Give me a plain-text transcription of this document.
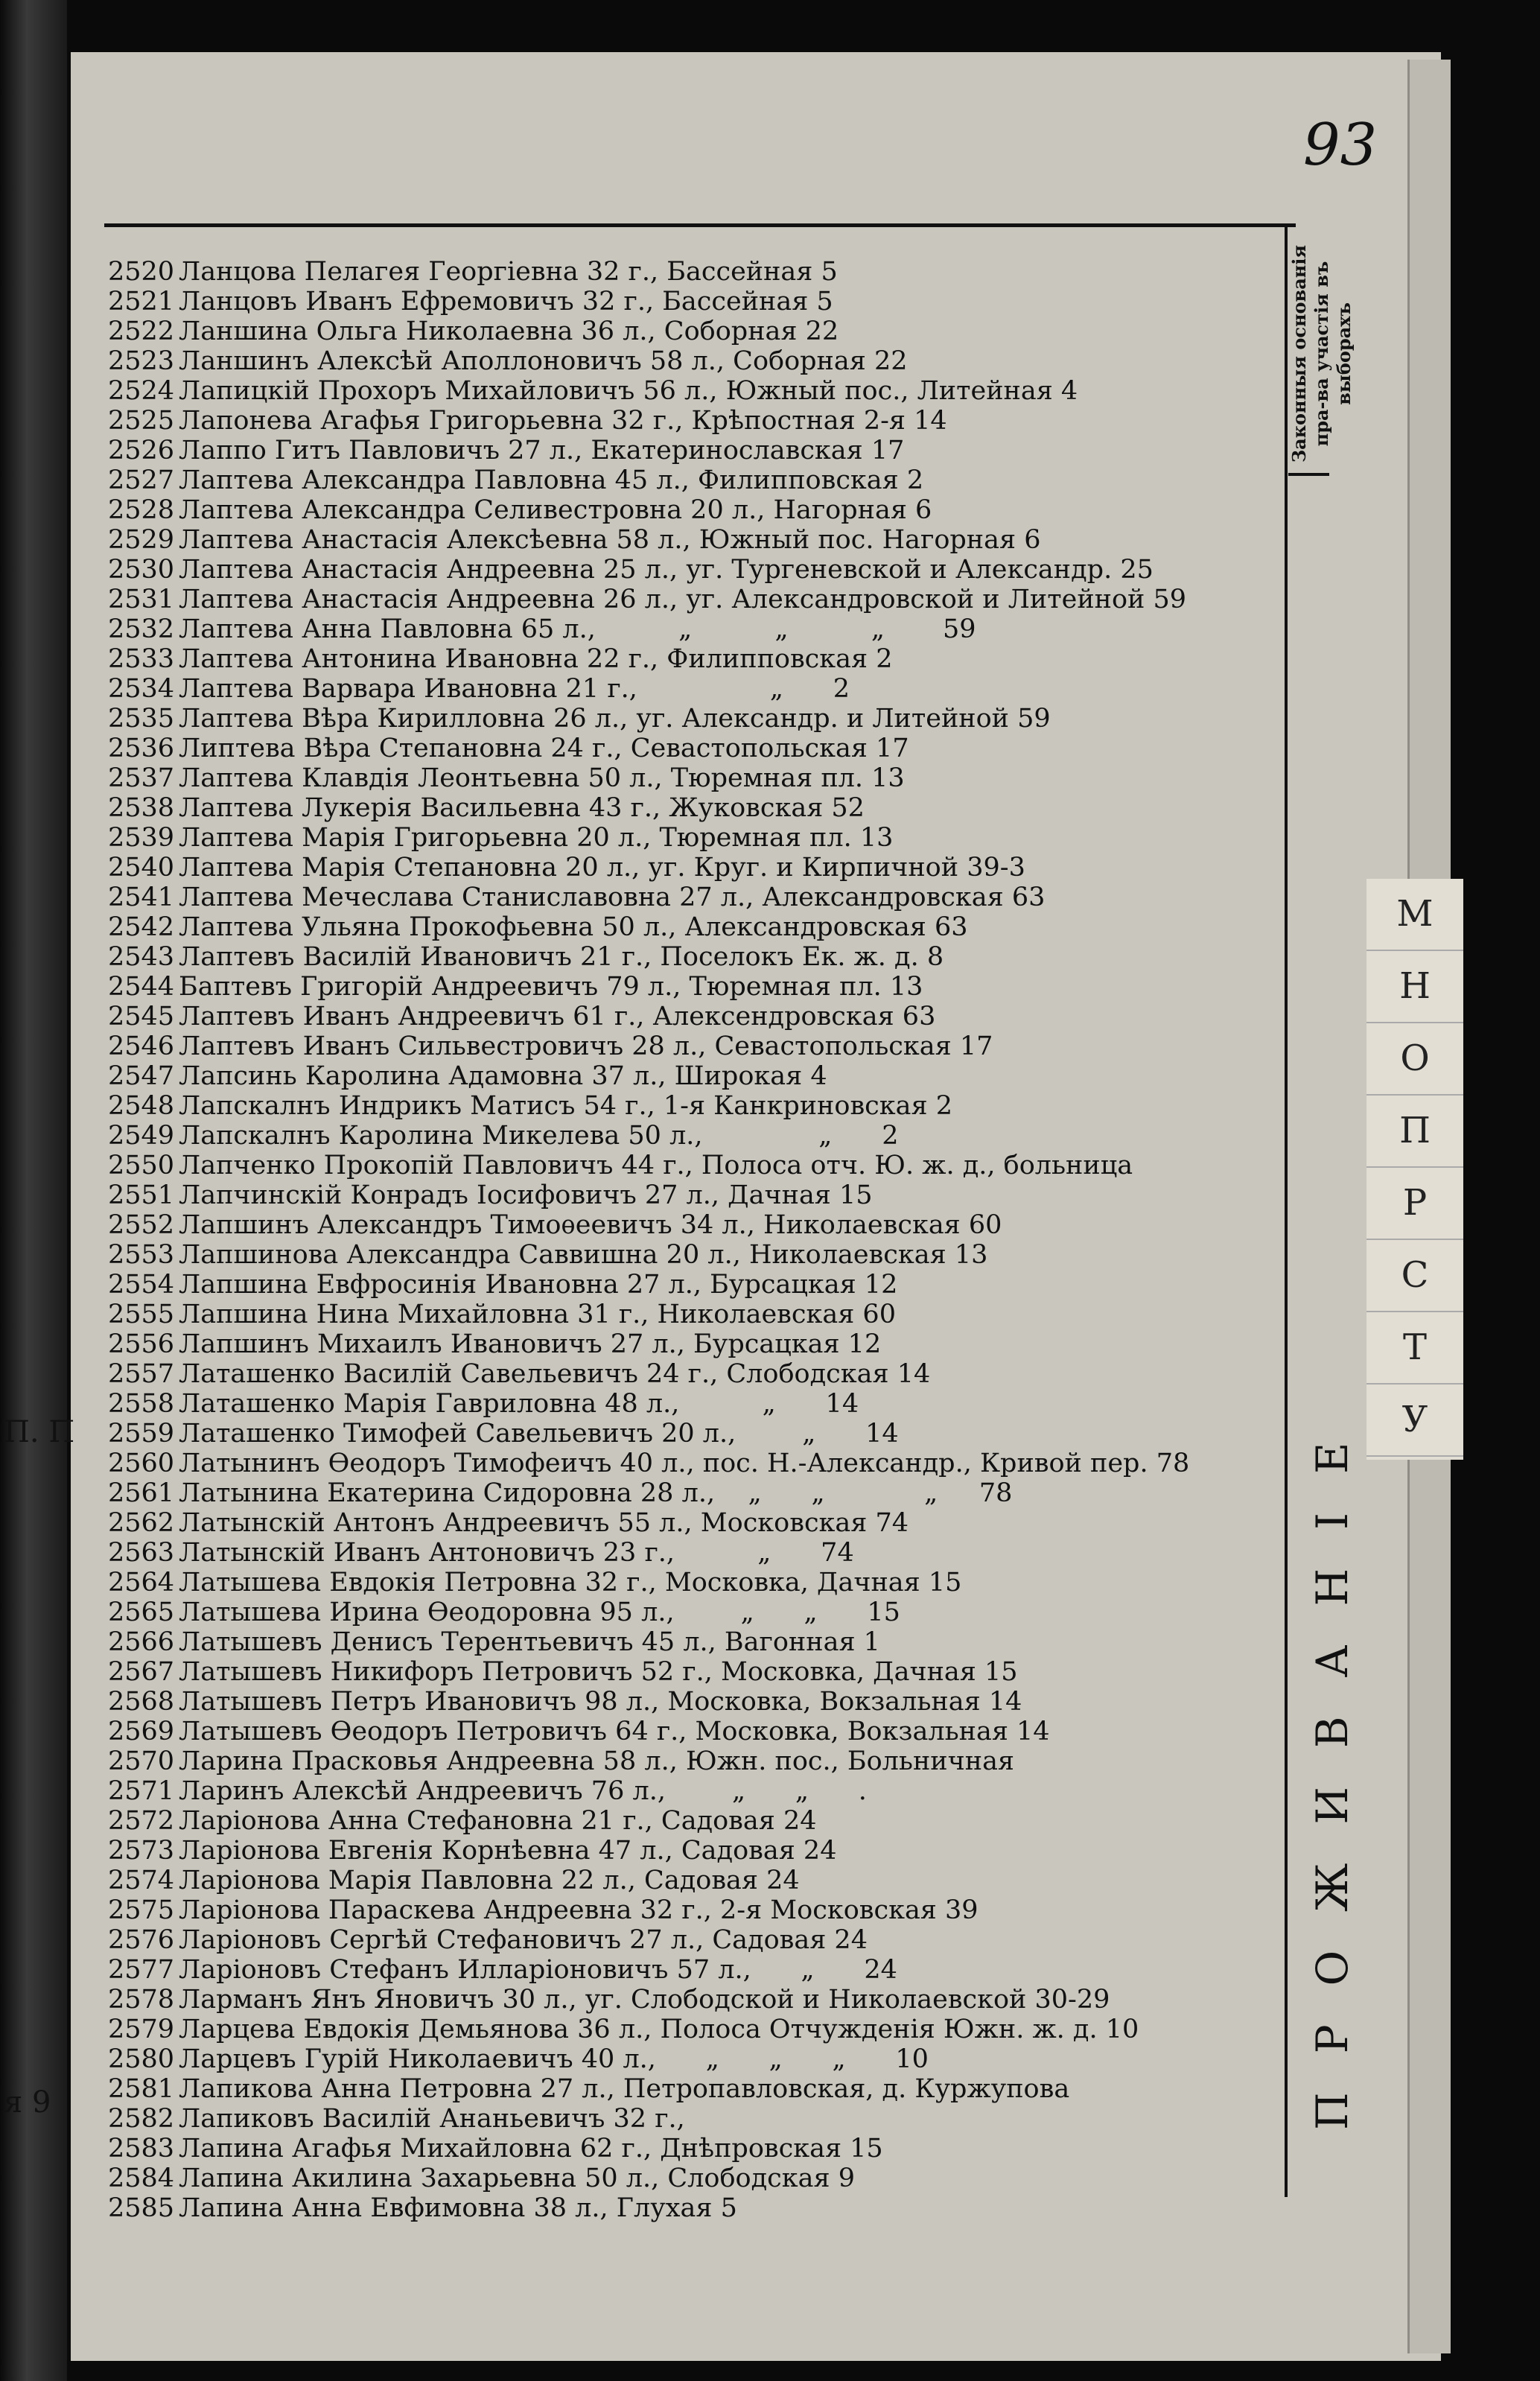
93
Законныя основанія пра-ва участія въ выборахъ
ПРОЖИВАНІЕ
М
Н
О
П
Р
С
Т
У
П. П
я 9
2520 Ланцова Пелагея Георгіевна 32 г., Бассейная 5
2521 Ланцовъ Иванъ Ефремовичъ 32 г., Бассейная 5
2522 Ланшина Ольга Николаевна 36 л., Соборная 22
2523 Ланшинъ Алексѣй Аполлоновичъ 58 л., Соборная 22
2524 Лапицкій Прохоръ Михайловичъ 56 л., Южный пос., Литейная 4
2525 Лапонева Агафья Григорьевна 32 г., Крѣпостная 2-я 14
2526 Лаппо Гитъ Павловичъ 27 л., Екатеринославская 17
2527 Лаптева Александра Павловна 45 л., Филипповская 2
2528 Лаптева Александра Селивестровна 20 л., Нагорная 6
2529 Лаптева Анастасія Алексѣевна 58 л., Южный пос. Нагорная 6
2530 Лаптева Анастасія Андреевна 25 л., уг. Тургеневской и Александр. 25
2531 Лаптева Анастасія Андреевна 26 л., уг. Александровской и Литейной 59
2532 Лаптева Анна Павловна 65 л.,          „          „          „       59
2533 Лаптева Антонина Ивановна 22 г., Филипповская 2
2534 Лаптева Варвара Ивановна 21 г.,                „      2
2535 Лаптева Вѣра Кирилловна 26 л., уг. Александр. и Литейной 59
2536 Липтева Вѣра Степановна 24 г., Севастопольская 17
2537 Лаптева Клавдія Леонтьевна 50 л., Тюремная пл. 13
2538 Лаптева Лукерія Васильевна 43 г., Жуковская 52
2539 Лаптева Марія Григорьевна 20 л., Тюремная пл. 13
2540 Лаптева Марія Степановна 20 л., уг. Круг. и Кирпичной 39-3
2541 Лаптева Мечеслава Станиславовна 27 л., Александровская 63
2542 Лаптева Ульяна Прокофьевна 50 л., Александровская 63
2543 Лаптевъ Василій Ивановичъ 21 г., Поселокъ Ек. ж. д. 8
2544 Баптевъ Григорій Андреевичъ 79 л., Тюремная пл. 13
2545 Лаптевъ Иванъ Андреевичъ 61 г., Алексендровская 63
2546 Лаптевъ Иванъ Сильвестровичъ 28 л., Севастопольская 17
2547 Лапсинь Каролина Адамовна 37 л., Широкая 4
2548 Лапскалнъ Индрикъ Матисъ 54 г., 1-я Канкриновская 2
2549 Лапскалнъ Каролина Микелева 50 л.,              „      2
2550 Лапченко Прокопій Павловичъ 44 г., Полоса отч. Ю. ж. д., больница
2551 Лапчинскій Конрадъ Іосифовичъ 27 л., Дачная 15
2552 Лапшинъ Александръ Тимоѳеевичъ 34 л., Николаевская 60
2553 Лапшинова Александра Саввишна 20 л., Николаевская 13
2554 Лапшина Евфросинія Ивановна 27 л., Бурсацкая 12
2555 Лапшина Нина Михайловна 31 г., Николаевская 60
2556 Лапшинъ Михаилъ Ивановичъ 27 л., Бурсацкая 12
2557 Латашенко Василій Савельевичъ 24 г., Слободская 14
2558 Латашенко Марія Гавриловна 48 л.,          „      14
2559 Латашенко Тимофей Савельевичъ 20 л.,        „      14
2560 Латынинъ Ѳеодоръ Тимофеичъ 40 л., пос. Н.-Александр., Кривой пер. 78
2561 Латынина Екатерина Сидоровна 28 л.,    „      „            „     78
2562 Латынскій Антонъ Андреевичъ 55 л., Московская 74
2563 Латынскій Иванъ Антоновичъ 23 г.,          „      74
2564 Латышева Евдокія Петровна 32 г., Московка, Дачная 15
2565 Латышева Ирина Ѳеодоровна 95 л.,        „      „      15
2566 Латышевъ Денисъ Терентьевичъ 45 л., Вагонная 1
2567 Латышевъ Никифоръ Петровичъ 52 г., Московка, Дачная 15
2568 Латышевъ Петръ Ивановичъ 98 л., Московка, Вокзальная 14
2569 Латышевъ Ѳеодоръ Петровичъ 64 г., Московка, Вокзальная 14
2570 Ларина Прасковья Андреевна 58 л., Южн. пос., Больничная
2571 Ларинъ Алексѣй Андреевичъ 76 л.,        „      „      .
2572 Ларіонова Анна Стефановна 21 г., Садовая 24
2573 Ларіонова Евгенія Корнѣевна 47 л., Садовая 24
2574 Ларіонова Марія Павловна 22 л., Садовая 24
2575 Ларіонова Параскева Андреевна 32 г., 2-я Московская 39
2576 Ларіоновъ Сергѣй Стефановичъ 27 л., Садовая 24
2577 Ларіоновъ Стефанъ Илларіоновичъ 57 л.,      „      24
2578 Ларманъ Янъ Яновичъ 30 л., уг. Слободской и Николаевской 30-29
2579 Ларцева Евдокія Демьянова 36 л., Полоса Отчужденія Южн. ж. д. 10
2580 Ларцевъ Гурій Николаевичъ 40 л.,      „      „      „      10
2581 Лапикова Анна Петровна 27 л., Петропавловская, д. Куржупова
2582 Лапиковъ Василій Ананьевичъ 32 г.,
2583 Лапина Агафья Михайловна 62 г., Днѣпровская 15
2584 Лапина Акилина Захарьевна 50 л., Слободская 9
2585 Лапина Анна Евфимовна 38 л., Глухая 5
